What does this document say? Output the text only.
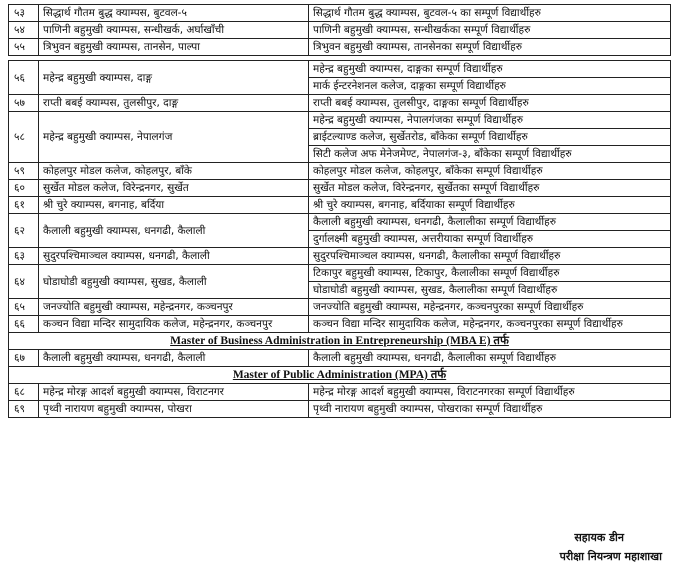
५३	सिद्धार्थ गौतम बुद्ध क्याम्पस, बुटवल-५	सिद्धार्थ गौतम बुद्ध क्याम्पस, बुटवल-५ का सम्पूर्ण विद्यार्थीहरु
५४	पाणिनी बहुमुखी क्याम्पस, सन्धीखर्क, अर्घाखाँची	पाणिनी बहुमुखी क्याम्पस, सन्धीखर्कका सम्पूर्ण विद्यार्थीहरु
५५	त्रिभुवन बहुमुखी क्याम्पस, तानसेन, पाल्पा	त्रिभुवन बहुमुखी क्याम्पस, तानसेनका सम्पूर्ण विद्यार्थीहरु

५६	महेन्द्र बहुमुखी क्याम्पस, दाङ्ग	महेन्द्र बहुमुखी क्याम्पस, दाङ्गका सम्पूर्ण विद्यार्थीहरु
		मार्क ईन्टरनेशनल कलेज, दाङ्गका सम्पूर्ण विद्यार्थीहरु
५७	राप्ती बबई क्याम्पस, तुलसीपुर, दाङ्ग	राप्ती बबई क्याम्पस, तुलसीपुर, दाङ्गका सम्पूर्ण विद्यार्थीहरु
५८	महेन्द्र बहुमुखी क्याम्पस, नेपालगंज	महेन्द्र बहुमुखी क्याम्पस, नेपालगंजका सम्पूर्ण विद्यार्थीहरु
		ब्राईटल्याण्ड कलेज, सुर्खेतरोड, बाँकेका सम्पूर्ण विद्यार्थीहरु
		सिटी कलेज अफ मेनेजमेण्ट, नेपालगंज-३, बाँकेका सम्पूर्ण विद्यार्थीहरु
५९	कोहलपुर मोडल कलेज, कोहलपुर, बाँके	कोहलपुर मोडल कलेज, कोहलपुर, बाँकेका सम्पूर्ण विद्यार्थीहरु
६०	सुर्खेत मोडल कलेज, विरेन्द्रनगर, सुर्खेत	सुर्खेत मोडल कलेज, विरेन्द्रनगर, सुर्खेतका सम्पूर्ण विद्यार्थीहरु
६१	श्री चुरे क्याम्पस, बगनाह, बर्दिया	श्री चुरे क्याम्पस, बगनाह, बर्दियाका सम्पूर्ण विद्यार्थीहरु
६२	कैलाली बहुमुखी क्याम्पस, धनगढी, कैलाली	कैलाली बहुमुखी क्याम्पस, धनगढी, कैलालीका सम्पूर्ण विद्यार्थीहरु
		दुर्गालक्ष्मी बहुमुखी क्याम्पस, अत्तरीयाका सम्पूर्ण विद्यार्थीहरु
६३	सुदुरपश्चिमाञ्चल क्याम्पस, धनगढी, कैलाली	सुदुरपश्चिमाञ्चल क्याम्पस, धनगढी, कैलालीका सम्पूर्ण विद्यार्थीहरु
६४	घोडाघोडी बहुमुखी क्याम्पस, सुखड, कैलाली	टिकापुर बहुमुखी क्याम्पस, टिकापुर, कैलालीका सम्पूर्ण विद्यार्थीहरु
		घोडाघोडी बहुमुखी क्याम्पस, सुखड, कैलालीका सम्पूर्ण विद्यार्थीहरु
६५	जनज्योति बहुमुखी क्याम्पस, महेन्द्रनगर, कञ्चनपुर	जनज्योति बहुमुखी क्याम्पस, महेन्द्रनगर, कञ्चनपुरका सम्पूर्ण विद्यार्थीहरु
६६	कञ्चन विद्या मन्दिर सामुदायिक कलेज, महेन्द्रनगर, कञ्चनपुर	कञ्चन विद्या मन्दिर सामुदायिक कलेज, महेन्द्रनगर, कञ्चनपुरका सम्पूर्ण विद्यार्थीहरु
Master of Business Administration in Entrepreneurship (MBA E) तर्फ		
६७	कैलाली बहुमुखी क्याम्पस, धनगढी, कैलाली	कैलाली बहुमुखी क्याम्पस, धनगढी, कैलालीका सम्पूर्ण विद्यार्थीहरु
Master of Public Administration (MPA) तर्फ		
६८	महेन्द्र मोरङ्ग आदर्श बहुमुखी क्याम्पस, विराटनगर	महेन्द्र मोरङ्ग आदर्श बहुमुखी क्याम्पस, विराटनगरका सम्पूर्ण विद्यार्थीहरु
६९	पृथ्वी नारायण बहुमुखी क्याम्पस, पोखरा	पृथ्वी नारायण बहुमुखी क्याम्पस, पोखराका सम्पूर्ण विद्यार्थीहरु
सहायक डीन
परीक्षा नियन्त्रण महाशाखा
